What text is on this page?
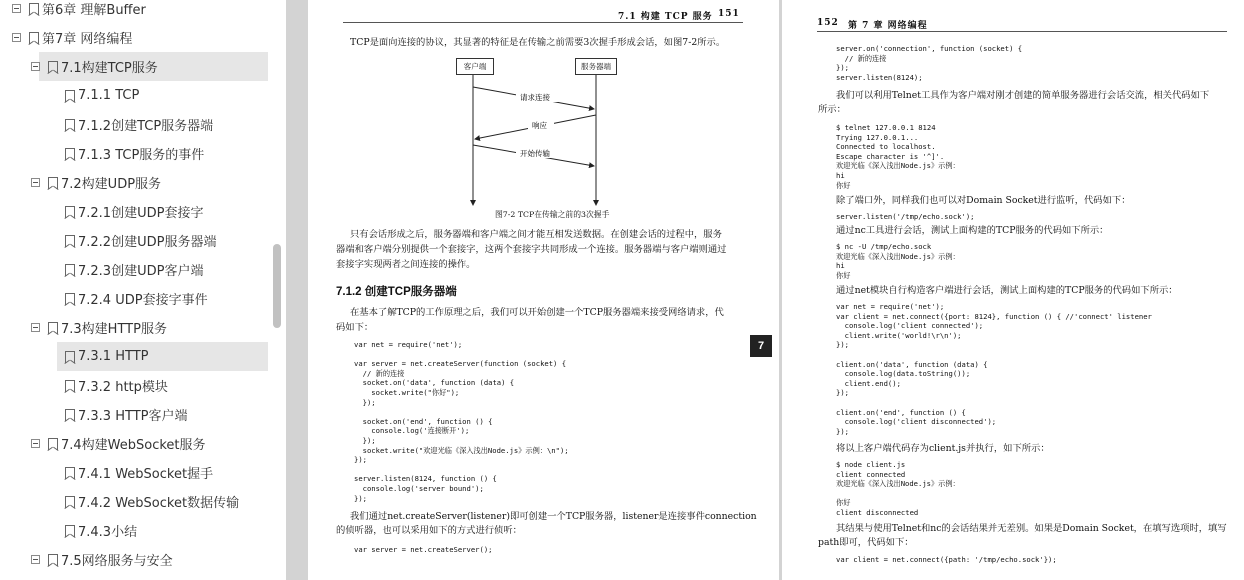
第6章 理解Buffer
第7章 网络编程
7.1构建TCP服务
7.1.1 TCP
7.1.2创建TCP服务器端
7.1.3 TCP服务的事件
7.2构建UDP服务
7.2.1创建UDP套接字
7.2.2创建UDP服务器端
7.2.3创建UDP客户端
7.2.4 UDP套接字事件
7.3构建HTTP服务
7.3.1 HTTP
7.3.2 http模块
7.3.3 HTTP客户端
7.4构建WebSocket服务
7.4.1 WebSocket握手
7.4.2 WebSocket数据传输
7.4.3小结
7.5网络服务与安全
7.1 构建 TCP 服务 151

TCP是面向连接的协议，其显著的特征是在传输之前需要3次握手形成会话，如图7-2所示。

请求连接
响应
开始传输
客户端	服务器端
图7-2 TCP在传输之前的3次握手

只有会话形成之后，服务器端和客户端之间才能互相发送数据。在创建会话的过程中，服务

器端和客户端分别提供一个套接字，这两个套接字共同形成一个连接。服务器端与客户端则通过

套接字实现两者之间连接的操作。

7.1.2 创建TCP服务器端

在基本了解TCP的工作原理之后，我们可以开始创建一个TCP服务器端来接受网络请求，代

码如下：

var net = require('net');

var server = net.createServer(function (socket) {
// 新的连接
socket.on('data', function (data) {
socket.write("你好");
});

socket.on('end', function () {
console.log('连接断开');
});
socket.write("欢迎光临《深入浅出Node.js》示例：\n");
});

server.listen(8124, function () {
console.log('server bound');
});

我们通过net.createServer(listener)即可创建一个TCP服务器，listener是连接事件connection

的侦听器，也可以采用如下的方式进行侦听：

var server = net.createServer();
7
152 第 7 章 网络编程
server.on('connection', function (socket) {
// 新的连接
});
server.listen(8124);

我们可以利用Telnet工具作为客户端对刚才创建的简单服务器进行会话交流，相关代码如下

所示：

$ telnet 127.0.0.1 8124
Trying 127.0.0.1...
Connected to localhost.
Escape character is '^]'.
欢迎光临《深入浅出Node.js》示例：
hi
你好

除了端口外，同样我们也可以对Domain Socket进行监听，代码如下：

server.listen('/tmp/echo.sock');

通过nc工具进行会话，测试上面构建的TCP服务的代码如下所示：

$ nc -U /tmp/echo.sock
欢迎光临《深入浅出Node.js》示例：
hi
你好

通过net模块自行构造客户端进行会话，测试上面构建的TCP服务的代码如下所示：

var net = require('net');
var client = net.connect({port: 8124}, function () { //'connect' listener
console.log('client connected');
client.write('world!\r\n');
});

client.on('data', function (data) {
console.log(data.toString());
client.end();
});

client.on('end', function () {
console.log('client disconnected');
});

将以上客户端代码存为client.js并执行，如下所示：

$ node client.js
client connected
欢迎光临《深入浅出Node.js》示例：

你好
client disconnected

其结果与使用Telnet和nc的会话结果并无差别。如果是Domain Socket，在填写选项时，填写

path即可，代码如下：

var client = net.connect({path: '/tmp/echo.sock'});
